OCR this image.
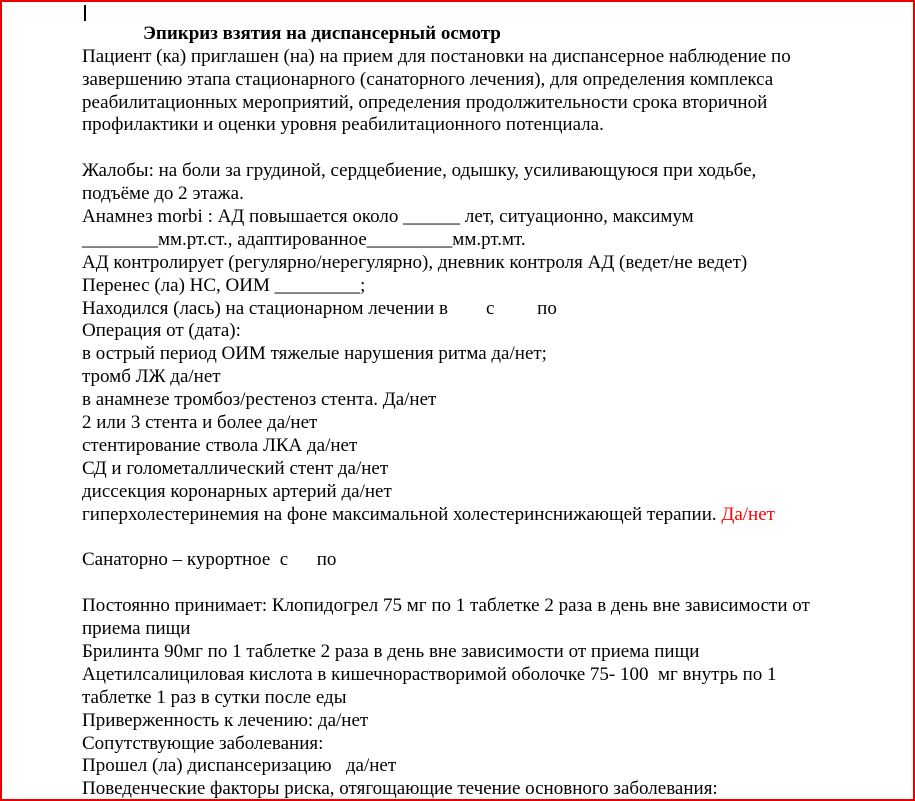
Эпикриз взятия на диспансерный осмотр
Пациент (ка) приглашен (на) на прием для постановки на диспансерное наблюдение по
завершению этапа стационарного (санаторного лечения), для определения комплекса
реабилитационных мероприятий, определения продолжительности срока вторичной
профилактики и оценки уровня реабилитационного потенциала.
Жалобы: на боли за грудиной, сердцебиение, одышку, усиливающуюся при ходьбе,
подъёме до 2 этажа.
Анамнез morbi : АД повышается около ______ лет, ситуационно, максимум
________мм.рт.ст., адаптированное_________мм.рт.мт.
АД контролирует (регулярно/нерегулярно), дневник контроля АД (ведет/не ведет)
Перенес (ла) НС, ОИМ _________;
Находился (лась) на стационарном лечении в        с         по
Операция от (дата):
в острый период ОИМ тяжелые нарушения ритма да/нет;
тромб ЛЖ да/нет
в анамнезе тромбоз/рестеноз стента. Да/нет
2 или 3 стента и более да/нет
стентирование ствола ЛКА да/нет
СД и голометаллический стент да/нет
диссекция коронарных артерий да/нет
гиперхолестеринемия на фоне максимальной холестеринснижающей терапии. Да/нет
Санаторно – курортное  с      по
Постоянно принимает: Клопидогрел 75 мг по 1 таблетке 2 раза в день вне зависимости от
приема пищи
Брилинта 90мг по 1 таблетке 2 раза в день вне зависимости от приема пищи
Ацетилсалициловая кислота в кишечнорастворимой оболочке 75- 100  мг внутрь по 1
таблетке 1 раз в сутки после еды
Приверженность к лечению: да/нет
Сопутствующие заболевания:
Прошел (ла) диспансеризацию   да/нет
Поведенческие факторы риска, отягощающие течение основного заболевания:
